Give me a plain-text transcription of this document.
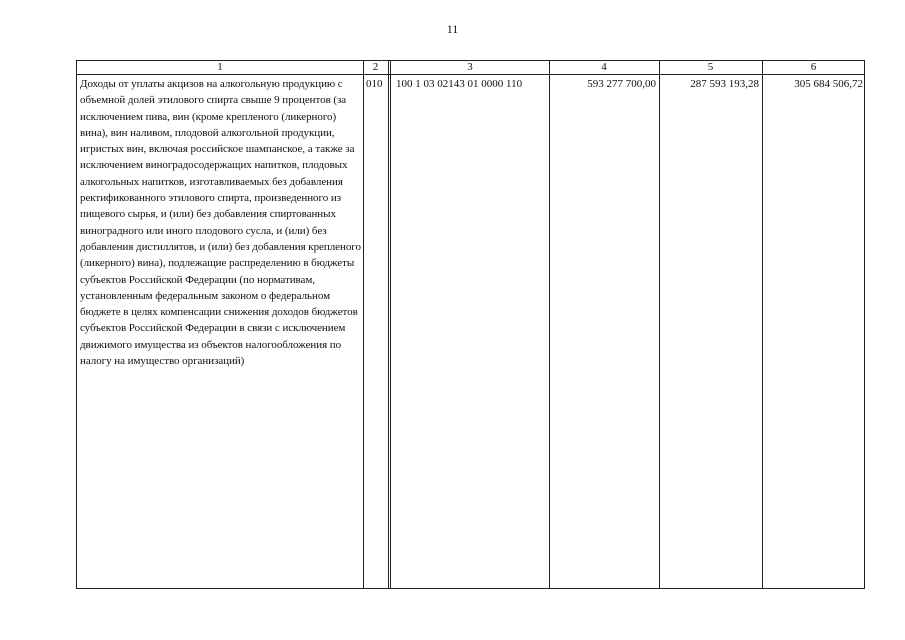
11
1	2	3	4	5	6
Доходы от уплаты акцизов на алкогольную продукцию с объемной долей этилового спирта свыше 9 процентов (за исключением пива, вин (кроме крепленого (ликерного) вина), вин наливом, плодовой алкогольной продукции, игристых вин, включая российское шампанское, а также за исключением виноградосодержащих напитков, плодовых алкогольных напитков, изготавливаемых без добавления ректификованного этилового спирта, произведенного из пищевого сырья, и (или) без добавления спиртованных виноградного или иного плодового сусла, и (или) без добавления дистиллятов, и (или) без добавления крепленого (ликерного) вина), подлежащие распределению в бюджеты субъектов Российской Федерации (по нормативам, установленным федеральным законом о федеральном бюджете в целях компенсации снижения доходов бюджетов субъектов Российской Федерации в связи с исключением движимого имущества из объектов налогообложения по налогу на имущество организаций)
010	100 1 03 02143 01 0000 110	593 277 700,00	287 593 193,28	305 684 506,72
